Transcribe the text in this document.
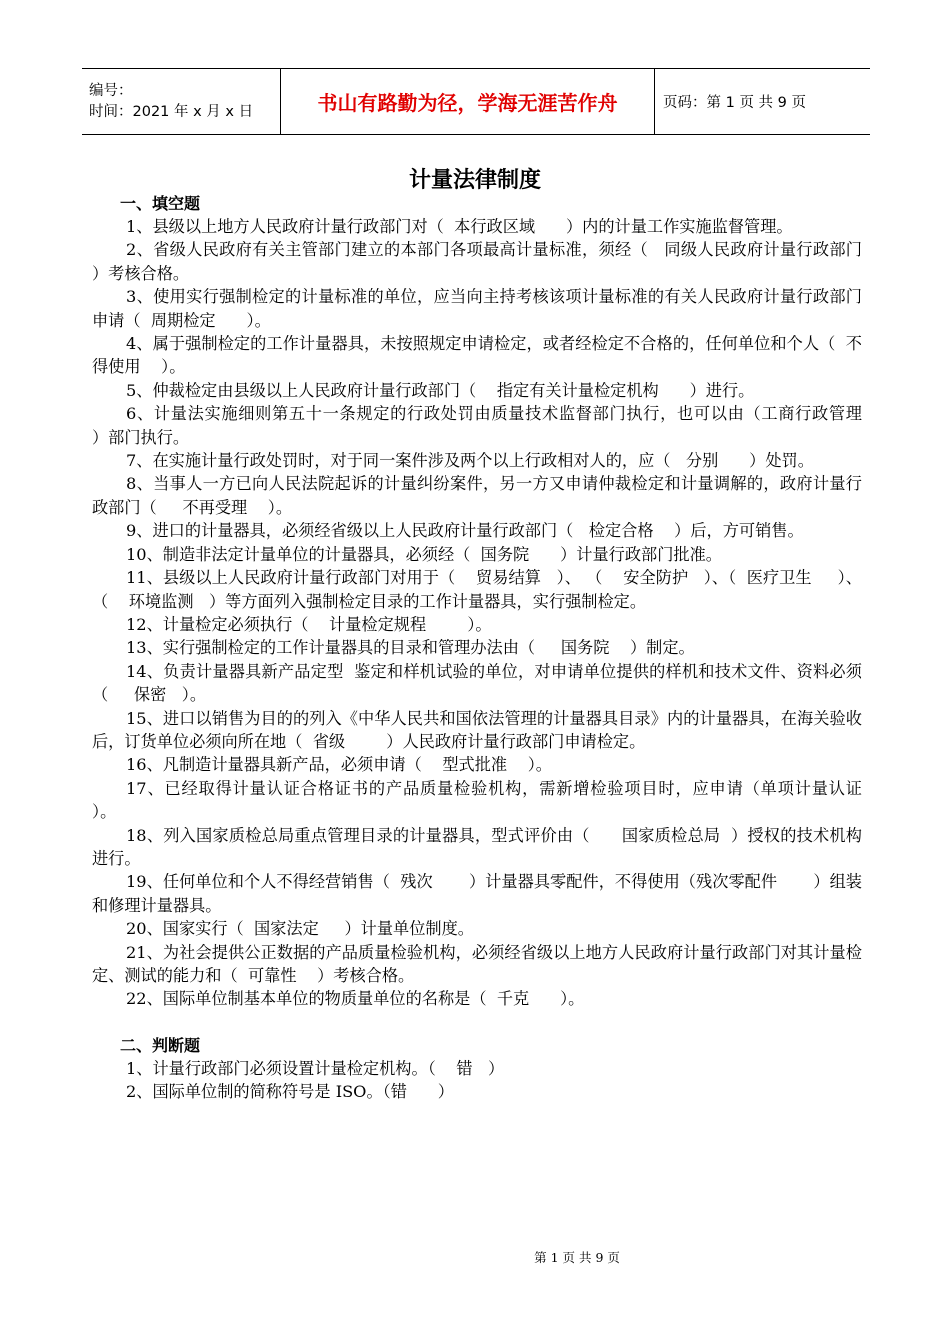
编号：
时间：2021 年 x 月 x 日	书山有路勤为径，学海无涯苦作舟	页码：第 1 页 共 9 页
计量法律制度
一、填空题

1、县级以上地方人民政府计量行政部门对（  本行政区域      ）内的计量工作实施监督管理。

2、省级人民政府有关主管部门建立的本部门各项最高计量标准，须经（   同级人民政府计量行政部门     ）考核合格。

3、使用实行强制检定的计量标准的单位，应当向主持考核该项计量标准的有关人民政府计量行政部门申请（  周期检定      ）。

4、属于强制检定的工作计量器具，未按照规定申请检定，或者经检定不合格的，任何单位和个人（  不得使用    ）。

5、仲裁检定由县级以上人民政府计量行政部门（    指定有关计量检定机构      ）进行。

6、计量法实施细则第五十一条规定的行政处罚由质量技术监督部门执行，也可以由（工商行政管理       ）部门执行。

7、在实施计量行政处罚时，对于同一案件涉及两个以上行政相对人的，应（   分别      ）处罚。

8、当事人一方已向人民法院起诉的计量纠纷案件，另一方又申请仲裁检定和计量调解的，政府计量行政部门（     不再受理    ）。

9、进口的计量器具，必须经省级以上人民政府计量行政部门（   检定合格    ）后，方可销售。

10、制造非法定计量单位的计量器具，必须经（  国务院      ）计量行政部门批准。

11、县级以上人民政府计量行政部门对用于（    贸易结算   ）、 （    安全防护   ）、（  医疗卫生     ）、（    环境监测   ）等方面列入强制检定目录的工作计量器具，实行强制检定。

12、计量检定必须执行（    计量检定规程        ）。

13、实行强制检定的工作计量器具的目录和管理办法由（     国务院    ）制定。

14、负责计量器具新产品定型  鉴定和样机试验的单位，对申请单位提供的样机和技术文件、资料必须（     保密   ）。

15、进口以销售为目的的列入《中华人民共和国依法管理的计量器具目录》内的计量器具，在海关验收后，订货单位必须向所在地（  省级        ）人民政府计量行政部门申请检定。

16、凡制造计量器具新产品，必须申请（    型式批准    ）。

17、已经取得计量认证合格证书的产品质量检验机构，需新增检验项目时，应申请（单项计量认证       ）。

18、列入国家质检总局重点管理目录的计量器具，型式评价由（      国家质检总局  ）授权的技术机构进行。

19、任何单位和个人不得经营销售（  残次       ）计量器具零配件，不得使用（残次零配件       ）组装和修理计量器具。

20、国家实行（  国家法定     ）计量单位制度。

21、为社会提供公正数据的产品质量检验机构，必须经省级以上地方人民政府计量行政部门对其计量检定、测试的能力和（  可靠性    ）考核合格。

22、国际单位制基本单位的物质量单位的名称是（  千克      ）。

二、判断题

1、计量行政部门必须设置计量检定机构。（    错   ）

2、国际单位制的简称符号是 ISO。（错      ）

第 1 页 共 9 页
